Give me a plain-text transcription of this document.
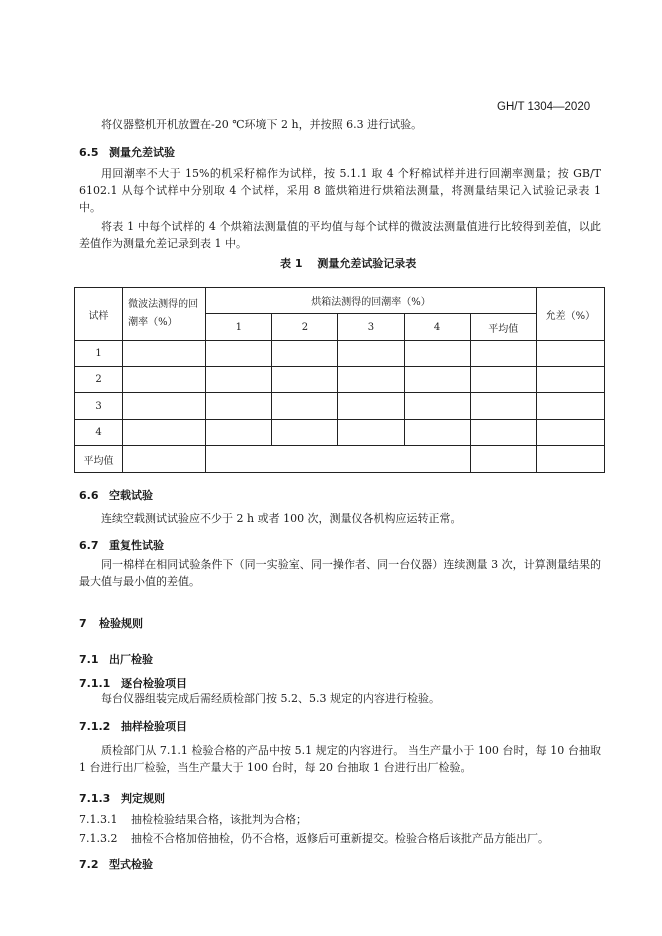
GH/T 1304—2020
将仪器整机开机放置在-20 ℃环境下 2 h，并按照 6.3 进行试验。
6.5 测量允差试验
用回潮率不大于 15%的机采籽棉作为试样，按 5.1.1 取 4 个籽棉试样并进行回潮率测量；按 GB/T 6102.1 从每个试样中分别取 4 个试样，采用 8 篮烘箱进行烘箱法测量，将测量结果记入试验记录表 1 中。
将表 1 中每个试样的 4 个烘箱法测量值的平均值与每个试样的微波法测量值进行比较得到差值，以此差值作为测量允差记录到表 1 中。
表 1　 测量允差试验记录表
试样	微波法测得的回潮率（%）	烘箱法测得的回潮率（%）					允差（%）
		1	2	3	4	平均值	
1							
2							
3							
4							
平均值							
6.6 空载试验
连续空载测试试验应不少于 2 h 或者 100 次，测量仪各机构应运转正常。
6.7 重复性试验
同一棉样在相同试验条件下（同一实验室、同一操作者、同一台仪器）连续测量 3 次，计算测量结果的最大值与最小值的差值。
7 检验规则
7.1 出厂检验
7.1.1 逐台检验项目
每台仪器组装完成后需经质检部门按 5.2、5.3 规定的内容进行检验。
7.1.2 抽样检验项目
质检部门从 7.1.1 检验合格的产品中按 5.1 规定的内容进行。 当生产量小于 100 台时，每 10 台抽取 1 台进行出厂检验，当生产量大于 100 台时，每 20 台抽取 1 台进行出厂检验。
7.1.3 判定规则
7.1.3.1 抽检检验结果合格，该批判为合格；
7.1.3.2 抽检不合格加倍抽检，仍不合格，返修后可重新提交。检验合格后该批产品方能出厂。
7.2 型式检验
